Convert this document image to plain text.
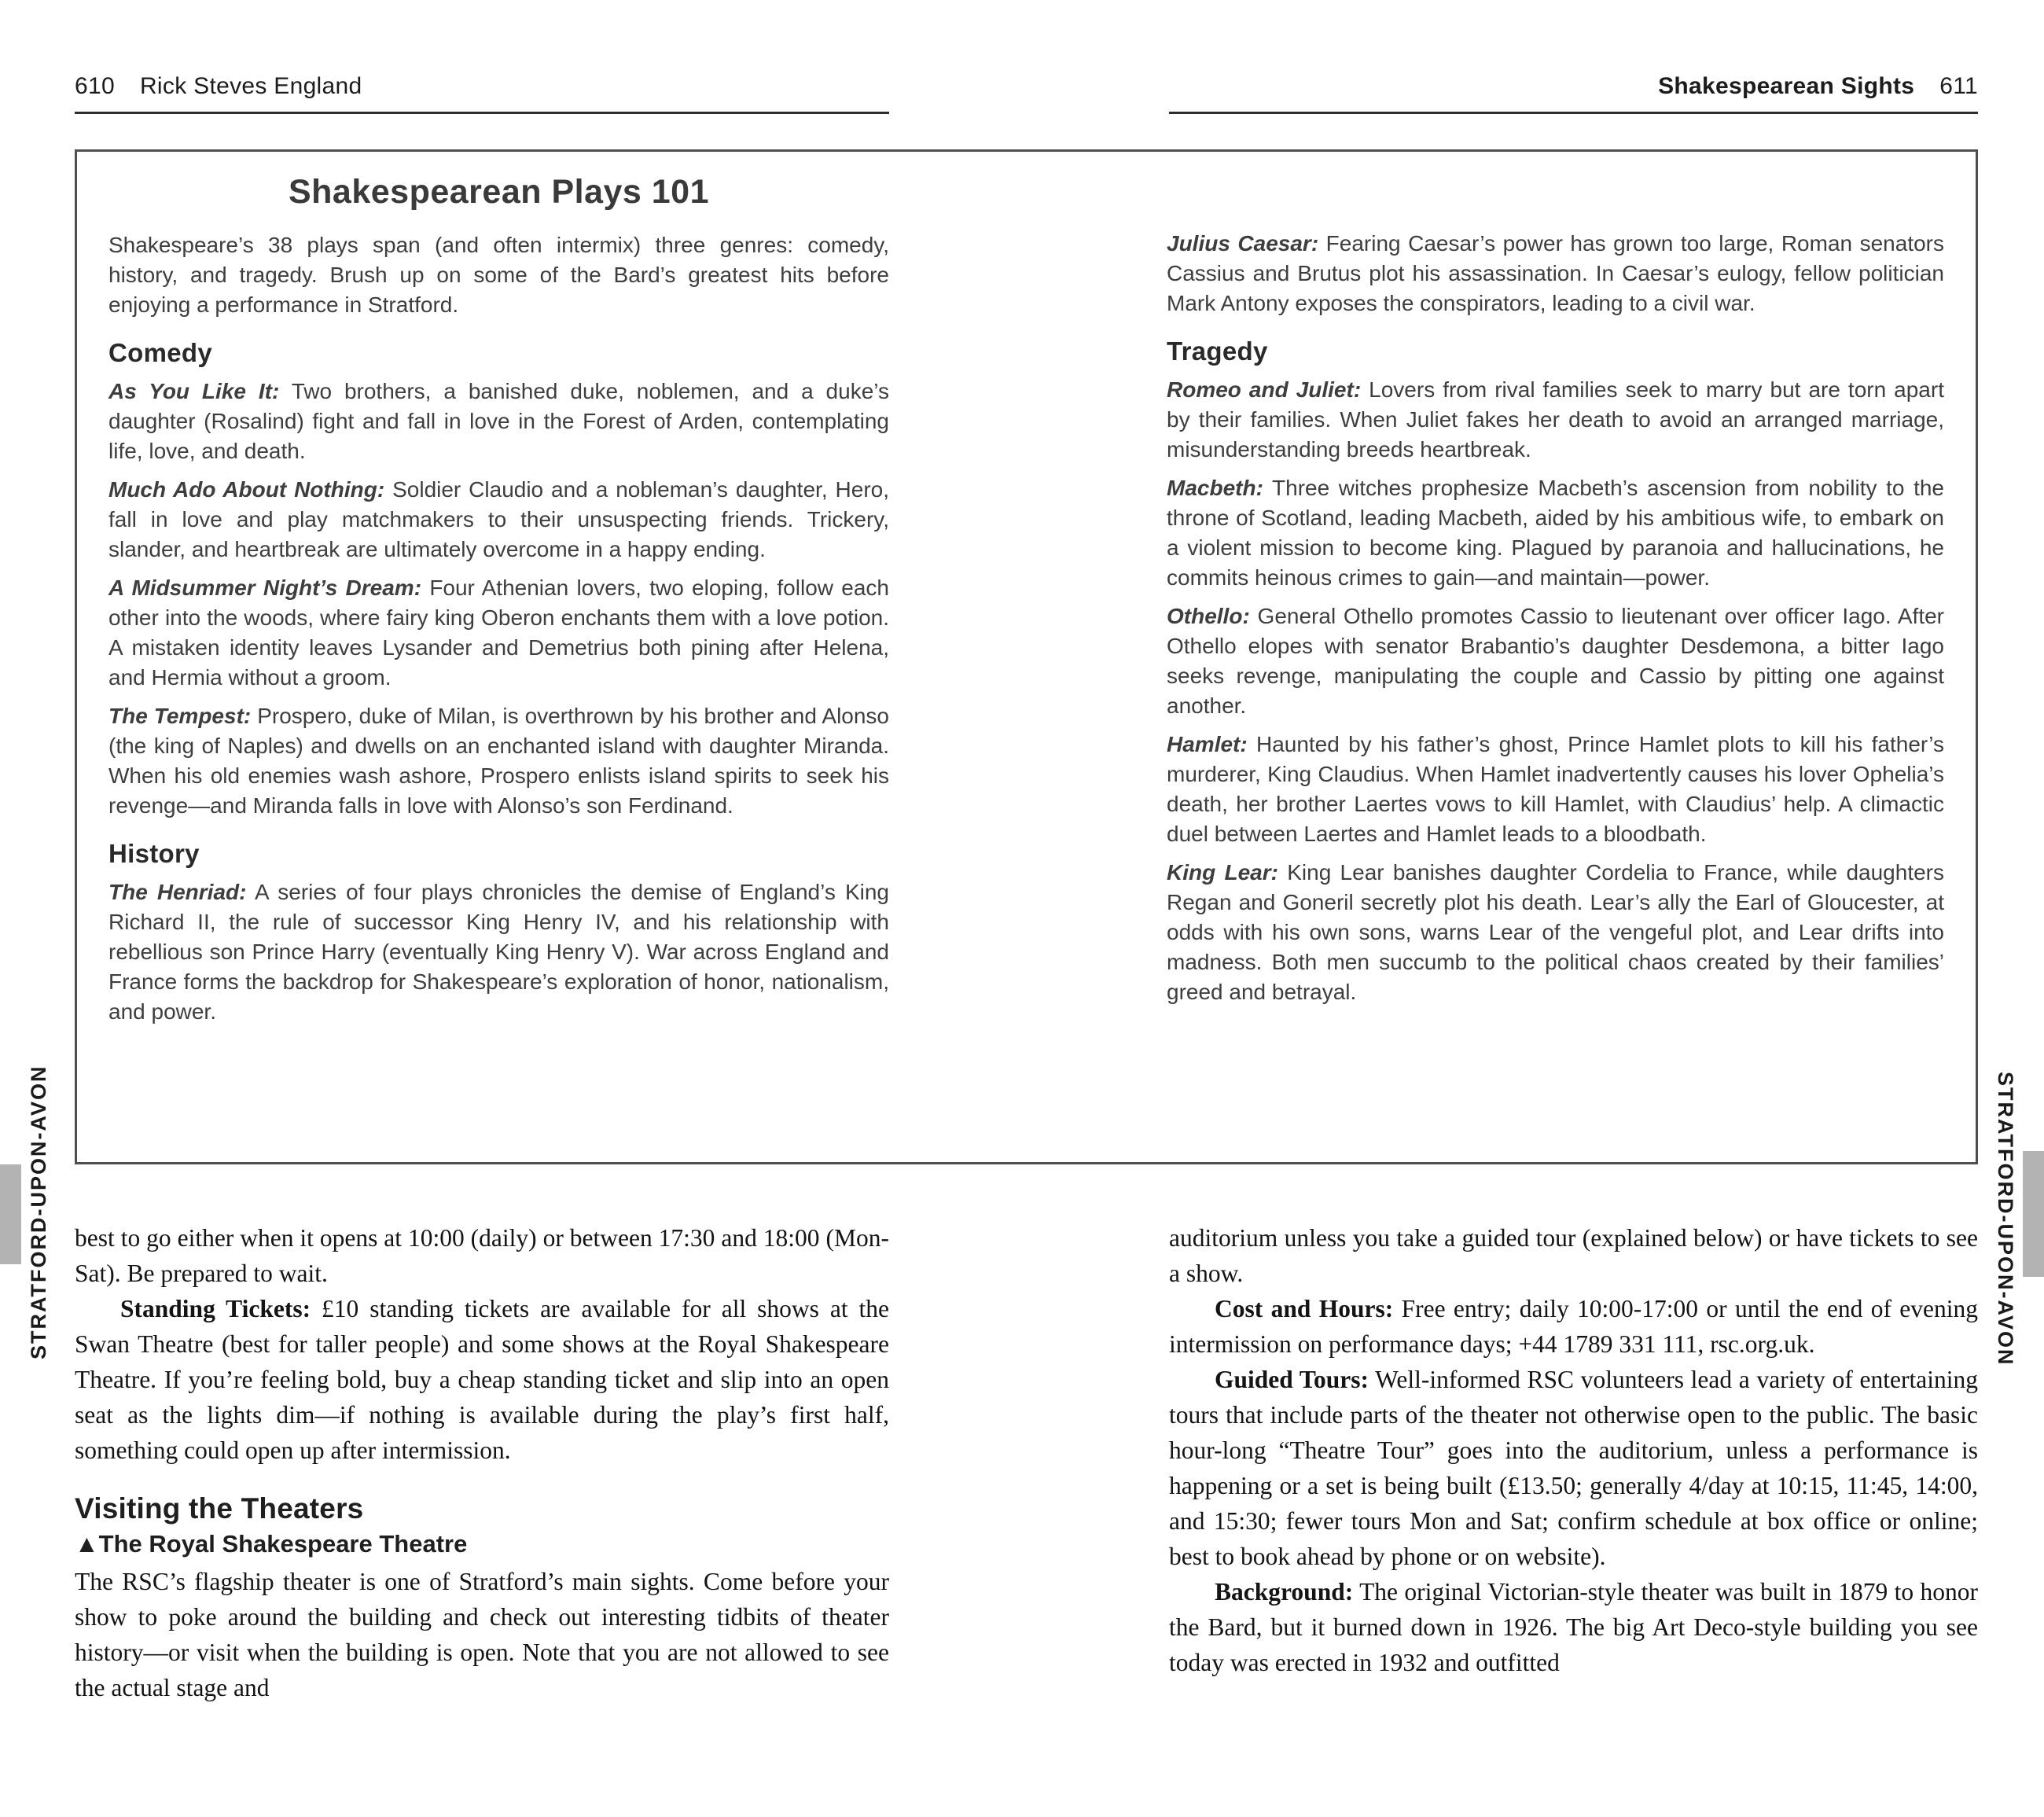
610 Rick Steves England	Shakespearean Sights 611
Shakespearean Plays 101

Shakespeare’s 38 plays span (and often intermix) three genres: comedy, history, and tragedy. Brush up on some of the Bard’s greatest hits before enjoying a performance in Stratford.

Comedy

As You Like It: Two brothers, a banished duke, noblemen, and a duke’s daughter (Rosalind) fight and fall in love in the Forest of Arden, contemplating life, love, and death.

Much Ado About Nothing: Soldier Claudio and a nobleman’s daughter, Hero, fall in love and play matchmakers to their unsuspecting friends. Trickery, slander, and heartbreak are ultimately overcome in a happy ending.

A Midsummer Night’s Dream: Four Athenian lovers, two eloping, follow each other into the woods, where fairy king Oberon enchants them with a love potion. A mistaken identity leaves Lysander and Demetrius both pining after Helena, and Hermia without a groom.

The Tempest: Prospero, duke of Milan, is overthrown by his brother and Alonso (the king of Naples) and dwells on an enchanted island with daughter Miranda. When his old enemies wash ashore, Prospero enlists island spirits to seek his revenge—and Miranda falls in love with Alonso’s son Ferdinand.

History

The Henriad: A series of four plays chronicles the demise of England’s King Richard II, the rule of successor King Henry IV, and his relationship with rebellious son Prince Harry (eventually King Henry V). War across England and France forms the backdrop for Shakespeare’s exploration of honor, nationalism, and power.

Julius Caesar: Fearing Caesar’s power has grown too large, Roman senators Cassius and Brutus plot his assassination. In Caesar’s eulogy, fellow politician Mark Antony exposes the conspirators, leading to a civil war.

Tragedy

Romeo and Juliet: Lovers from rival families seek to marry but are torn apart by their families. When Juliet fakes her death to avoid an arranged marriage, misunderstanding breeds heartbreak.

Macbeth: Three witches prophesize Macbeth’s ascension from nobility to the throne of Scotland, leading Macbeth, aided by his ambitious wife, to embark on a violent mission to become king. Plagued by paranoia and hallucinations, he commits heinous crimes to gain—and maintain—power.

Othello: General Othello promotes Cassio to lieutenant over officer Iago. After Othello elopes with senator Brabantio’s daughter Desdemona, a bitter Iago seeks revenge, manipulating the couple and Cassio by pitting one against another.

Hamlet: Haunted by his father’s ghost, Prince Hamlet plots to kill his father’s murderer, King Claudius. When Hamlet inadvertently causes his lover Ophelia’s death, her brother Laertes vows to kill Hamlet, with Claudius’ help. A climactic duel between Laertes and Hamlet leads to a bloodbath.

King Lear: King Lear banishes daughter Cordelia to France, while daughters Regan and Goneril secretly plot his death. Lear’s ally the Earl of Gloucester, at odds with his own sons, warns Lear of the vengeful plot, and Lear drifts into madness. Both men succumb to the political chaos created by their families’ greed and betrayal.

best to go either when it opens at 10:00 (daily) or between 17:30 and 18:00 (Mon-Sat). Be prepared to wait.

Standing Tickets: £10 standing tickets are available for all shows at the Swan Theatre (best for taller people) and some shows at the Royal Shakespeare Theatre. If you’re feeling bold, buy a cheap standing ticket and slip into an open seat as the lights dim—if nothing is available during the play’s first half, something could open up after intermission.

Visiting the Theaters
▲The Royal Shakespeare Theatre

The RSC’s flagship theater is one of Stratford’s main sights. Come before your show to poke around the building and check out interesting tidbits of theater history—or visit when the building is open. Note that you are not allowed to see the actual stage and

auditorium unless you take a guided tour (explained below) or have tickets to see a show.

Cost and Hours: Free entry; daily 10:00-17:00 or until the end of evening intermission on performance days; +44 1789 331 111, rsc.org.uk.

Guided Tours: Well-informed RSC volunteers lead a variety of entertaining tours that include parts of the theater not otherwise open to the public. The basic hour-long “Theatre Tour” goes into the auditorium, unless a performance is happening or a set is being built (£13.50; generally 4/day at 10:15, 11:45, 14:00, and 15:30; fewer tours Mon and Sat; confirm schedule at box office or online; best to book ahead by phone or on website).

Background: The original Victorian-style theater was built in 1879 to honor the Bard, but it burned down in 1926. The big Art Deco-style building you see today was erected in 1932 and outfitted

STRATFORD-UPON-AVON	STRATFORD-UPON-AVON
